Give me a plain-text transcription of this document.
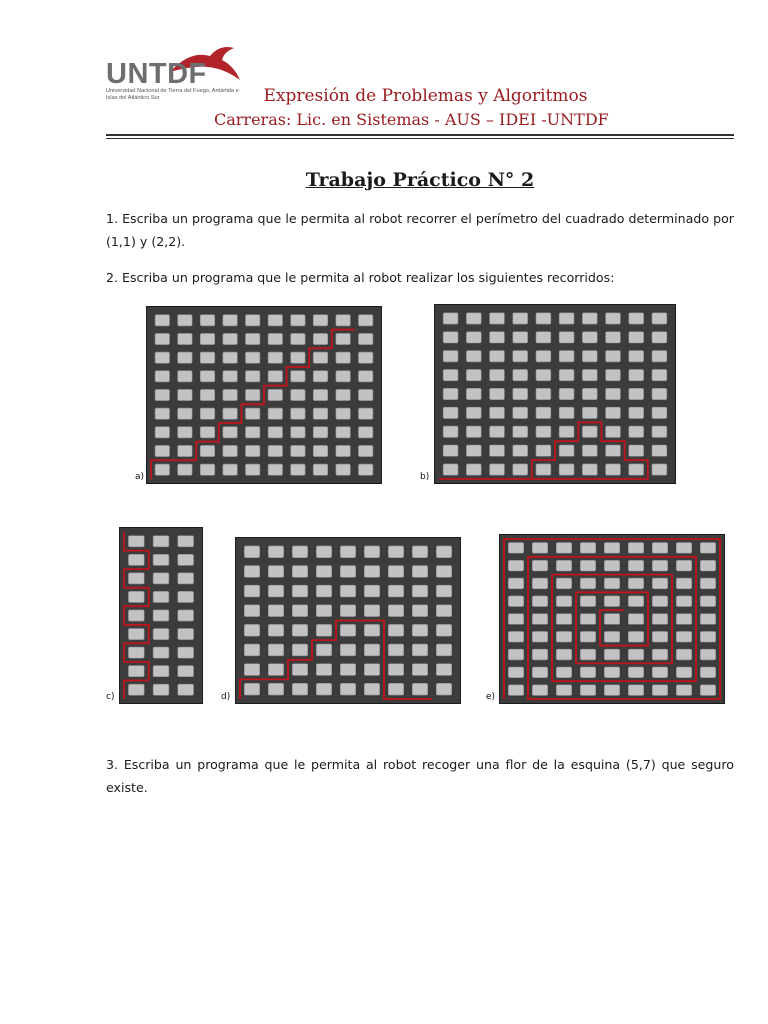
UNTDF
Universidad Nacional de Tierra del Fuego, Antártida e Islas del Atlántico Sur	Expresión de Problemas y Algoritmos
Carreras: Lic. en Sistemas - AUS – IDEI -UNTDF
Trabajo Práctico N° 2
1. Escriba un programa que le permita al robot recorrer el perímetro del cuadrado determinado por (1,1) y (2,2).
2. Escriba un programa que le permita al robot realizar los siguientes recorridos:
3. Escriba un programa que le permita al robot recoger una flor de la esquina (5,7) que seguro existe.
a)	b)
c)	d)	e)
